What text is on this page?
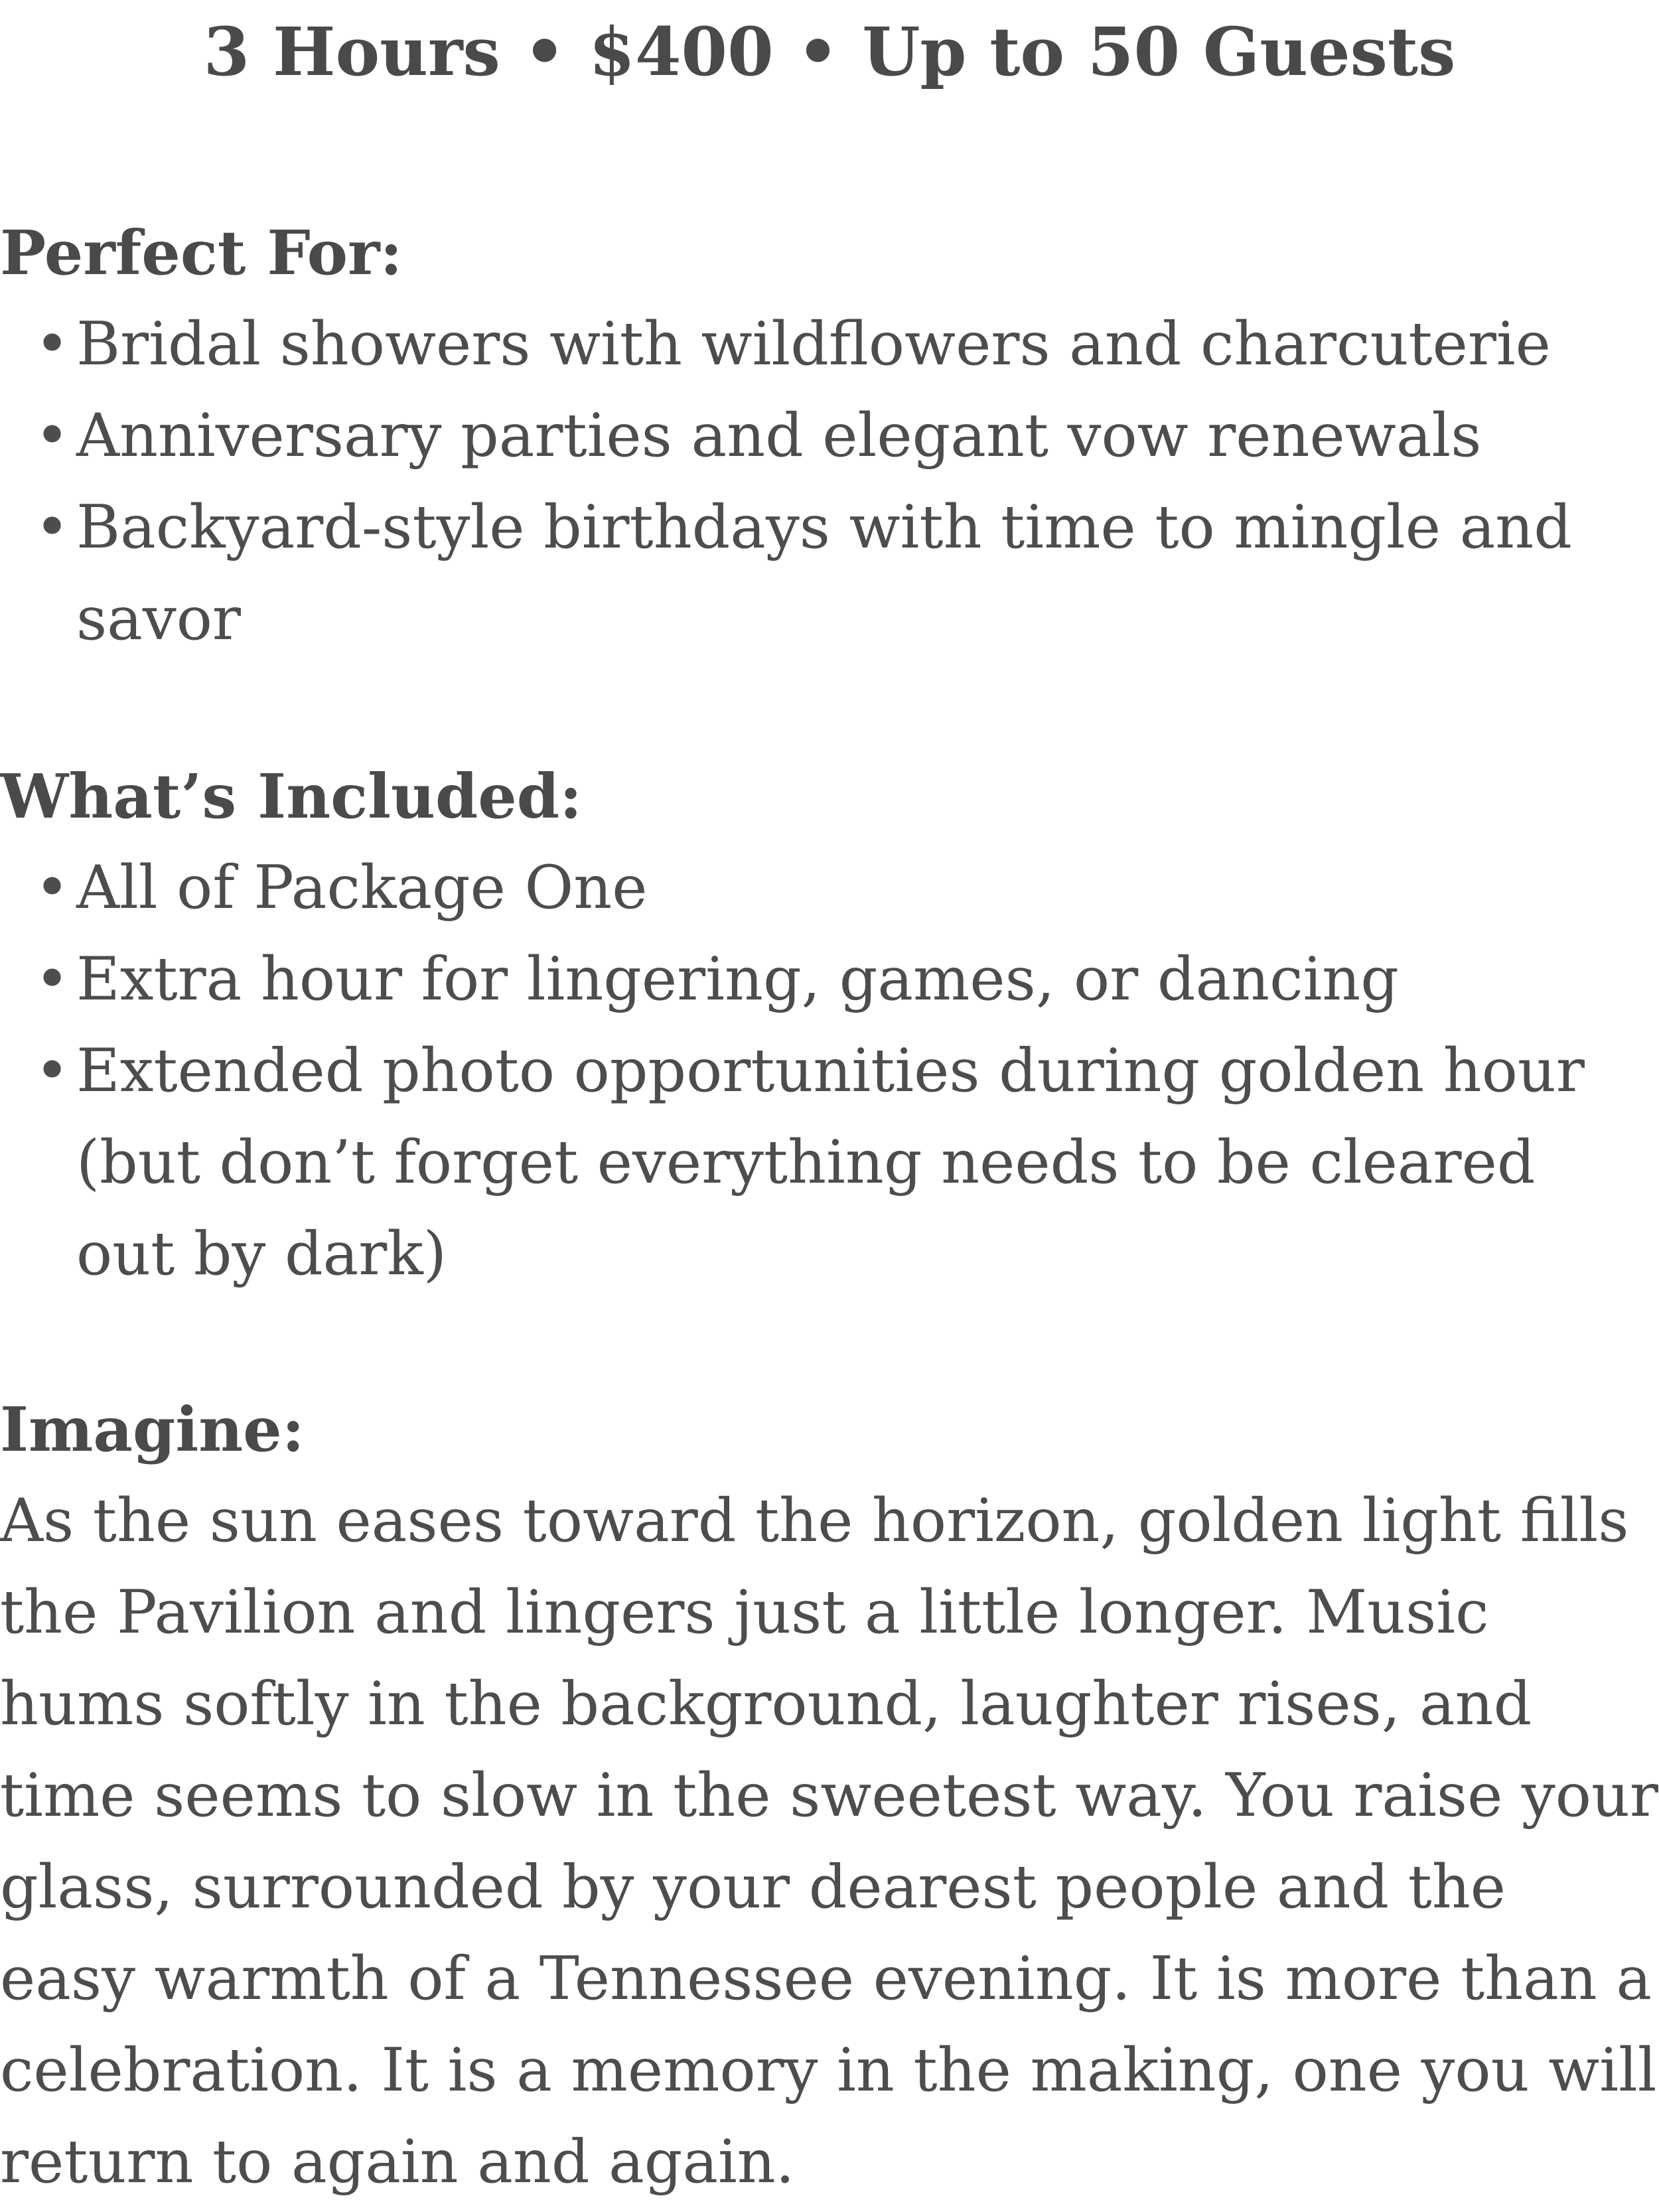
3 Hours • $400 • Up to 50 Guests
Perfect For:
• Bridal showers with wildflowers and charcuterie
• Anniversary parties and elegant vow renewals
• Backyard-style birthdays with time to mingle and savor
What’s Included:
• All of Package One
• Extra hour for lingering, games, or dancing
• Extended photo opportunities during golden hour (but don’t forget everything needs to be cleared out by dark)
Imagine:

As the sun eases toward the horizon, golden light fills the Pavilion and lingers just a little longer. Music hums softly in the background, laughter rises, and time seems to slow in the sweetest way. You raise your glass, surrounded by your dearest people and the easy warmth of a Tennessee evening. It is more than a celebration. It is a memory in the making, one you will return to again and again.
